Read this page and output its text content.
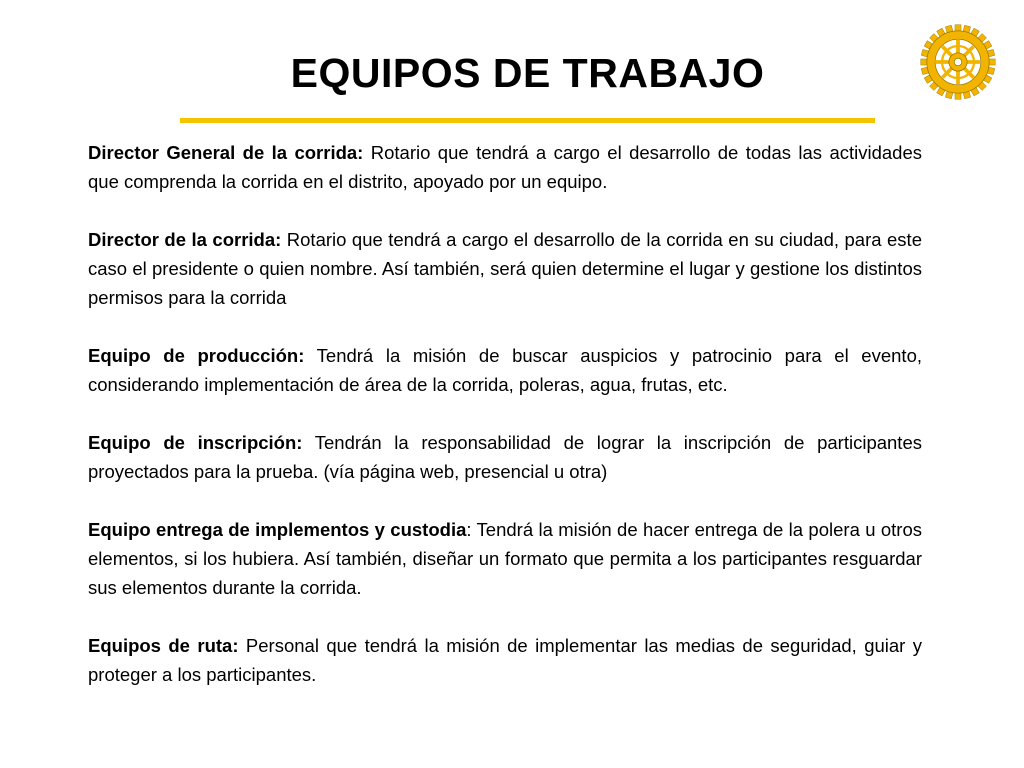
EQUIPOS DE TRABAJO

Director General de la corrida: Rotario que tendrá a cargo el desarrollo de todas las actividades que comprenda la corrida en el distrito, apoyado por un equipo.

Director de la corrida: Rotario que tendrá a cargo el desarrollo de la corrida en su ciudad, para este caso el presidente o quien nombre. Así también, será quien determine el lugar y gestione los distintos permisos para la corrida

Equipo de producción: Tendrá la misión de buscar auspicios y patrocinio para el evento, considerando implementación de área de la corrida, poleras, agua, frutas, etc.

Equipo de inscripción: Tendrán la responsabilidad de lograr la inscripción de participantes proyectados para la prueba. (vía página web, presencial u otra)

Equipo entrega de implementos y custodia: Tendrá la misión de hacer entrega de la polera u otros elementos, si los hubiera. Así también, diseñar un formato que permita a los participantes resguardar sus elementos durante la corrida.

Equipos de ruta: Personal que tendrá la misión de implementar las medias de seguridad, guiar y proteger a los participantes.
